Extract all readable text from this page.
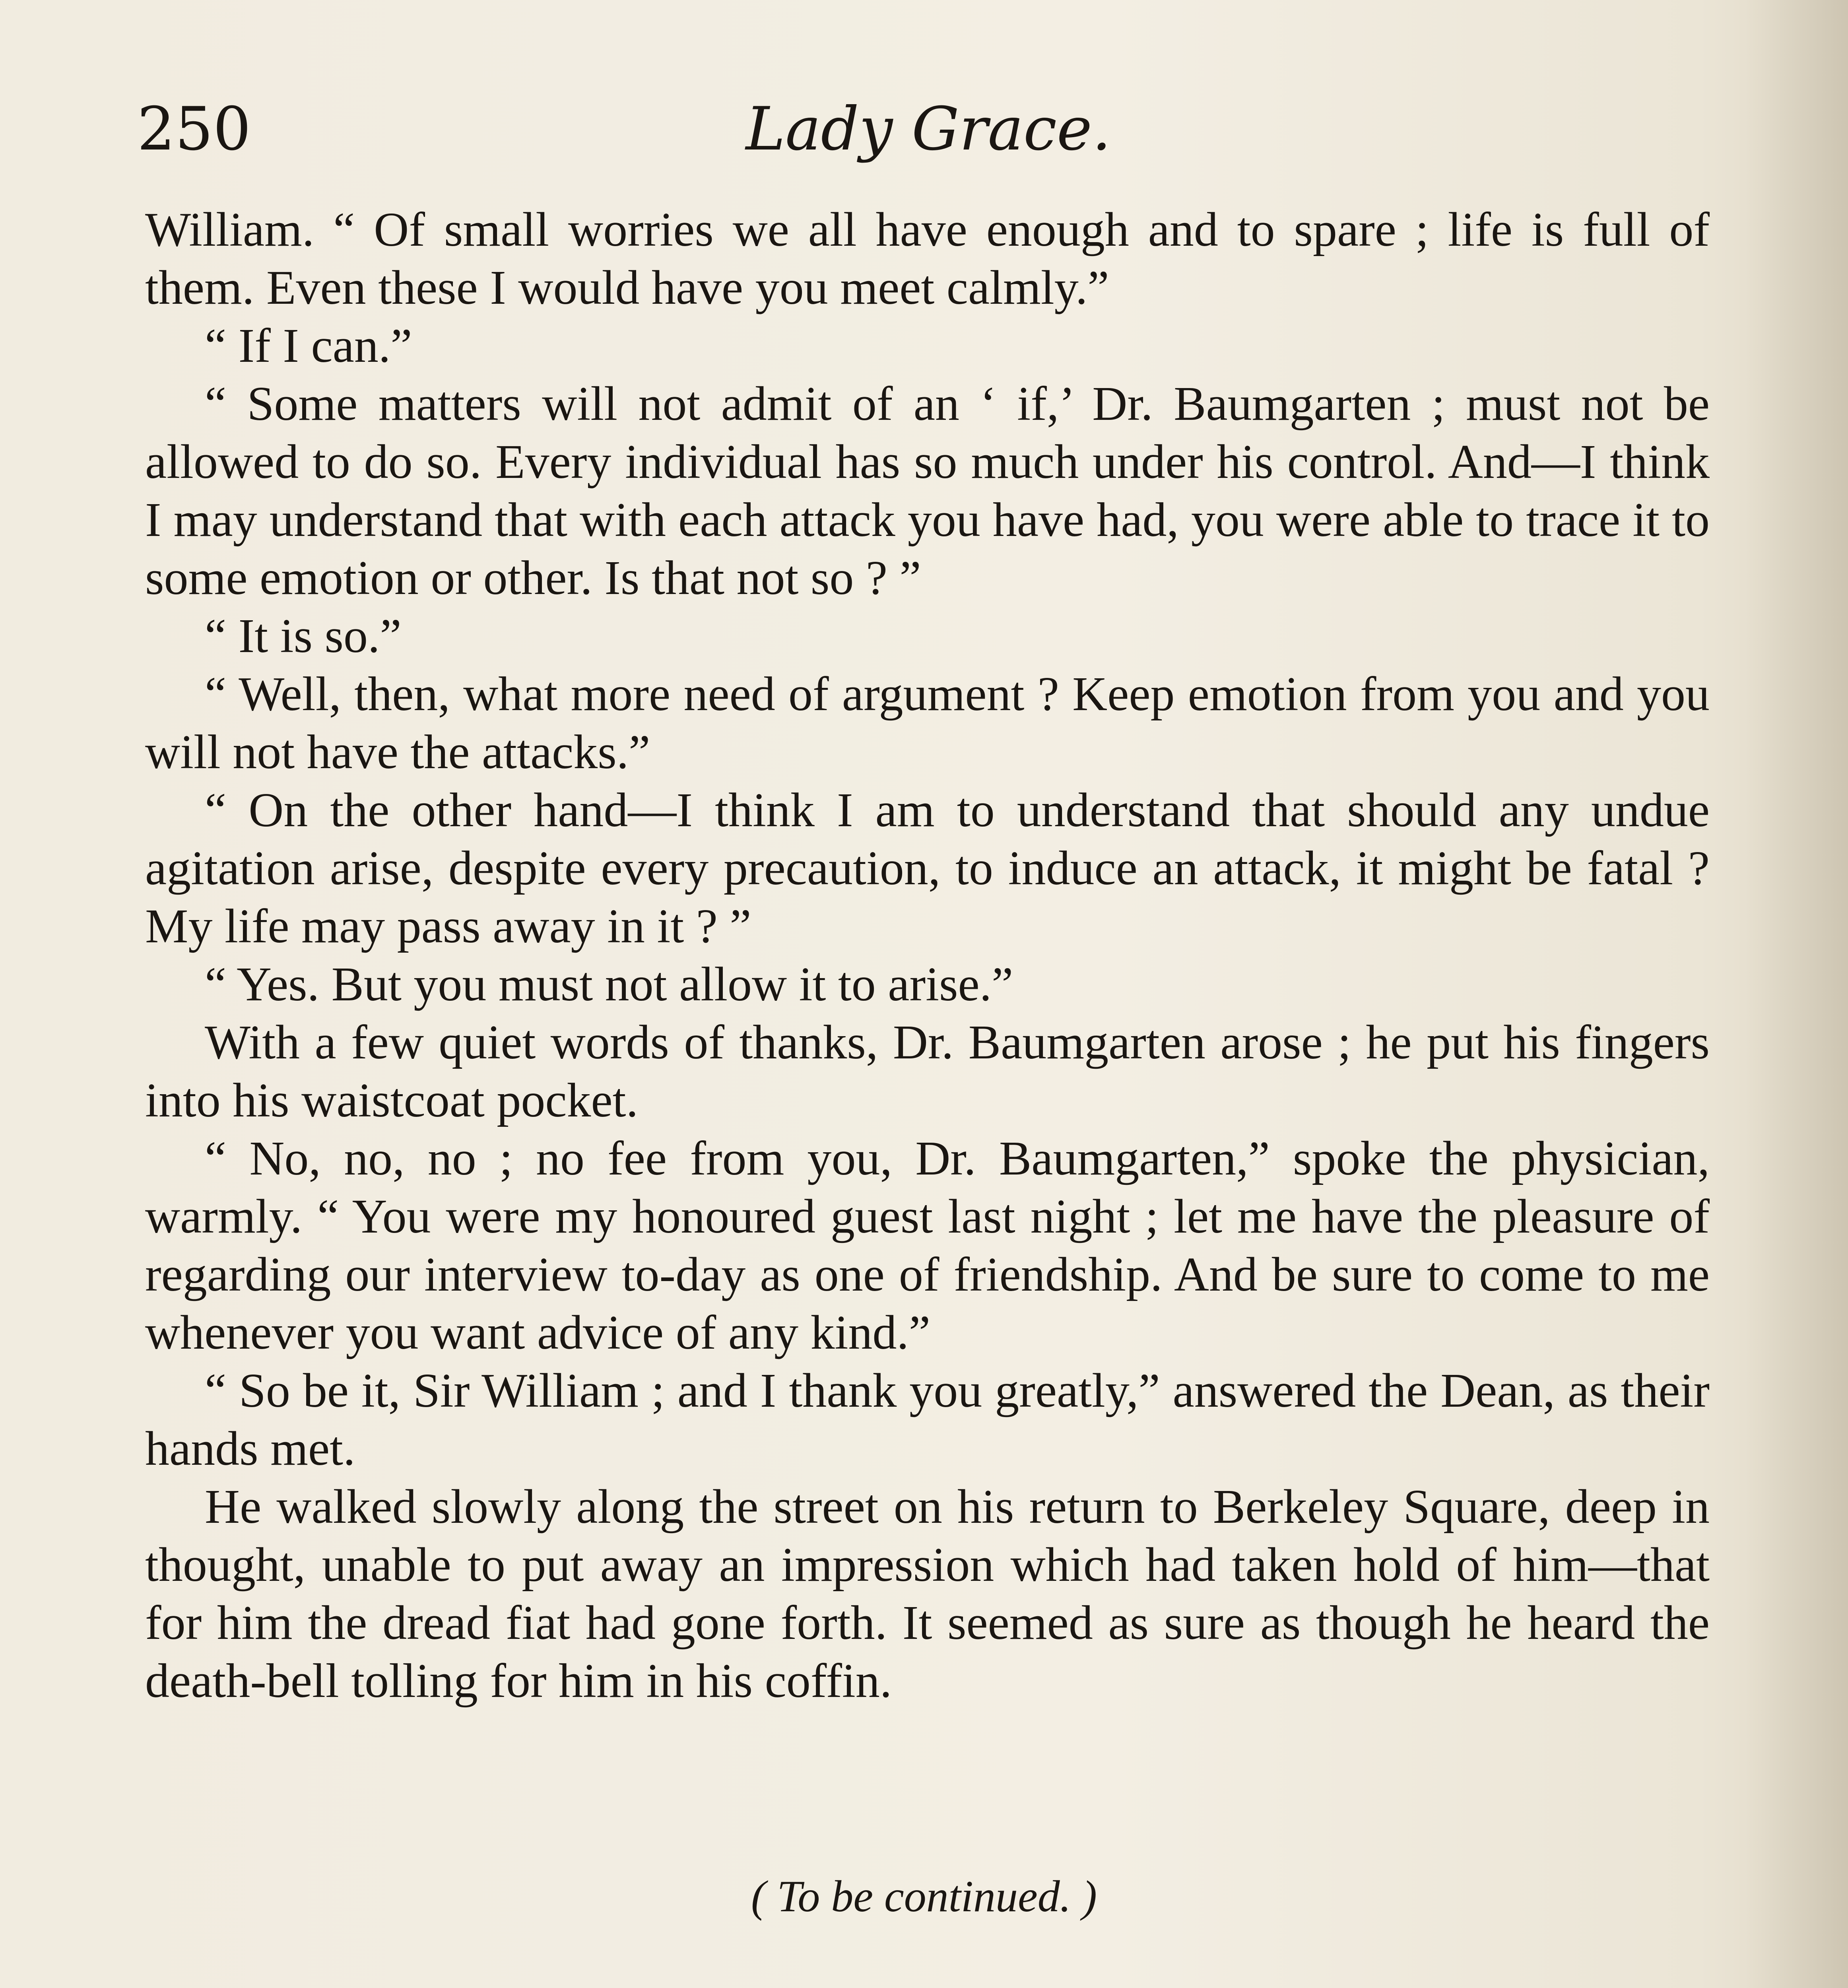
250	Lady Grace.

William. “ Of small worries we all have enough and to spare ; life is full of them. Even these I would have you meet calmly.”

“ If I can.”

“ Some matters will not admit of an ‘ if,’ Dr. Baumgarten ; must not be allowed to do so. Every individual has so much under his control. And—I think I may understand that with each attack you have had, you were able to trace it to some emotion or other. Is that not so ? ”

“ It is so.”

“ Well, then, what more need of argument ? Keep emotion from you and you will not have the attacks.”

“ On the other hand—I think I am to understand that should any undue agitation arise, despite every precaution, to induce an attack, it might be fatal ? My life may pass away in it ? ”

“ Yes. But you must not allow it to arise.”

With a few quiet words of thanks, Dr. Baumgarten arose ; he put his fingers into his waistcoat pocket.

“ No, no, no ; no fee from you, Dr. Baumgarten,” spoke the physician, warmly. “ You were my honoured guest last night ; let me have the pleasure of regarding our interview to-day as one of friendship. And be sure to come to me whenever you want advice of any kind.”

“ So be it, Sir William ; and I thank you greatly,” answered the Dean, as their hands met.

He walked slowly along the street on his return to Berkeley Square, deep in thought, unable to put away an impression which had taken hold of him—that for him the dread fiat had gone forth. It seemed as sure as though he heard the death-bell tolling for him in his coffin.

( To be continued. )
